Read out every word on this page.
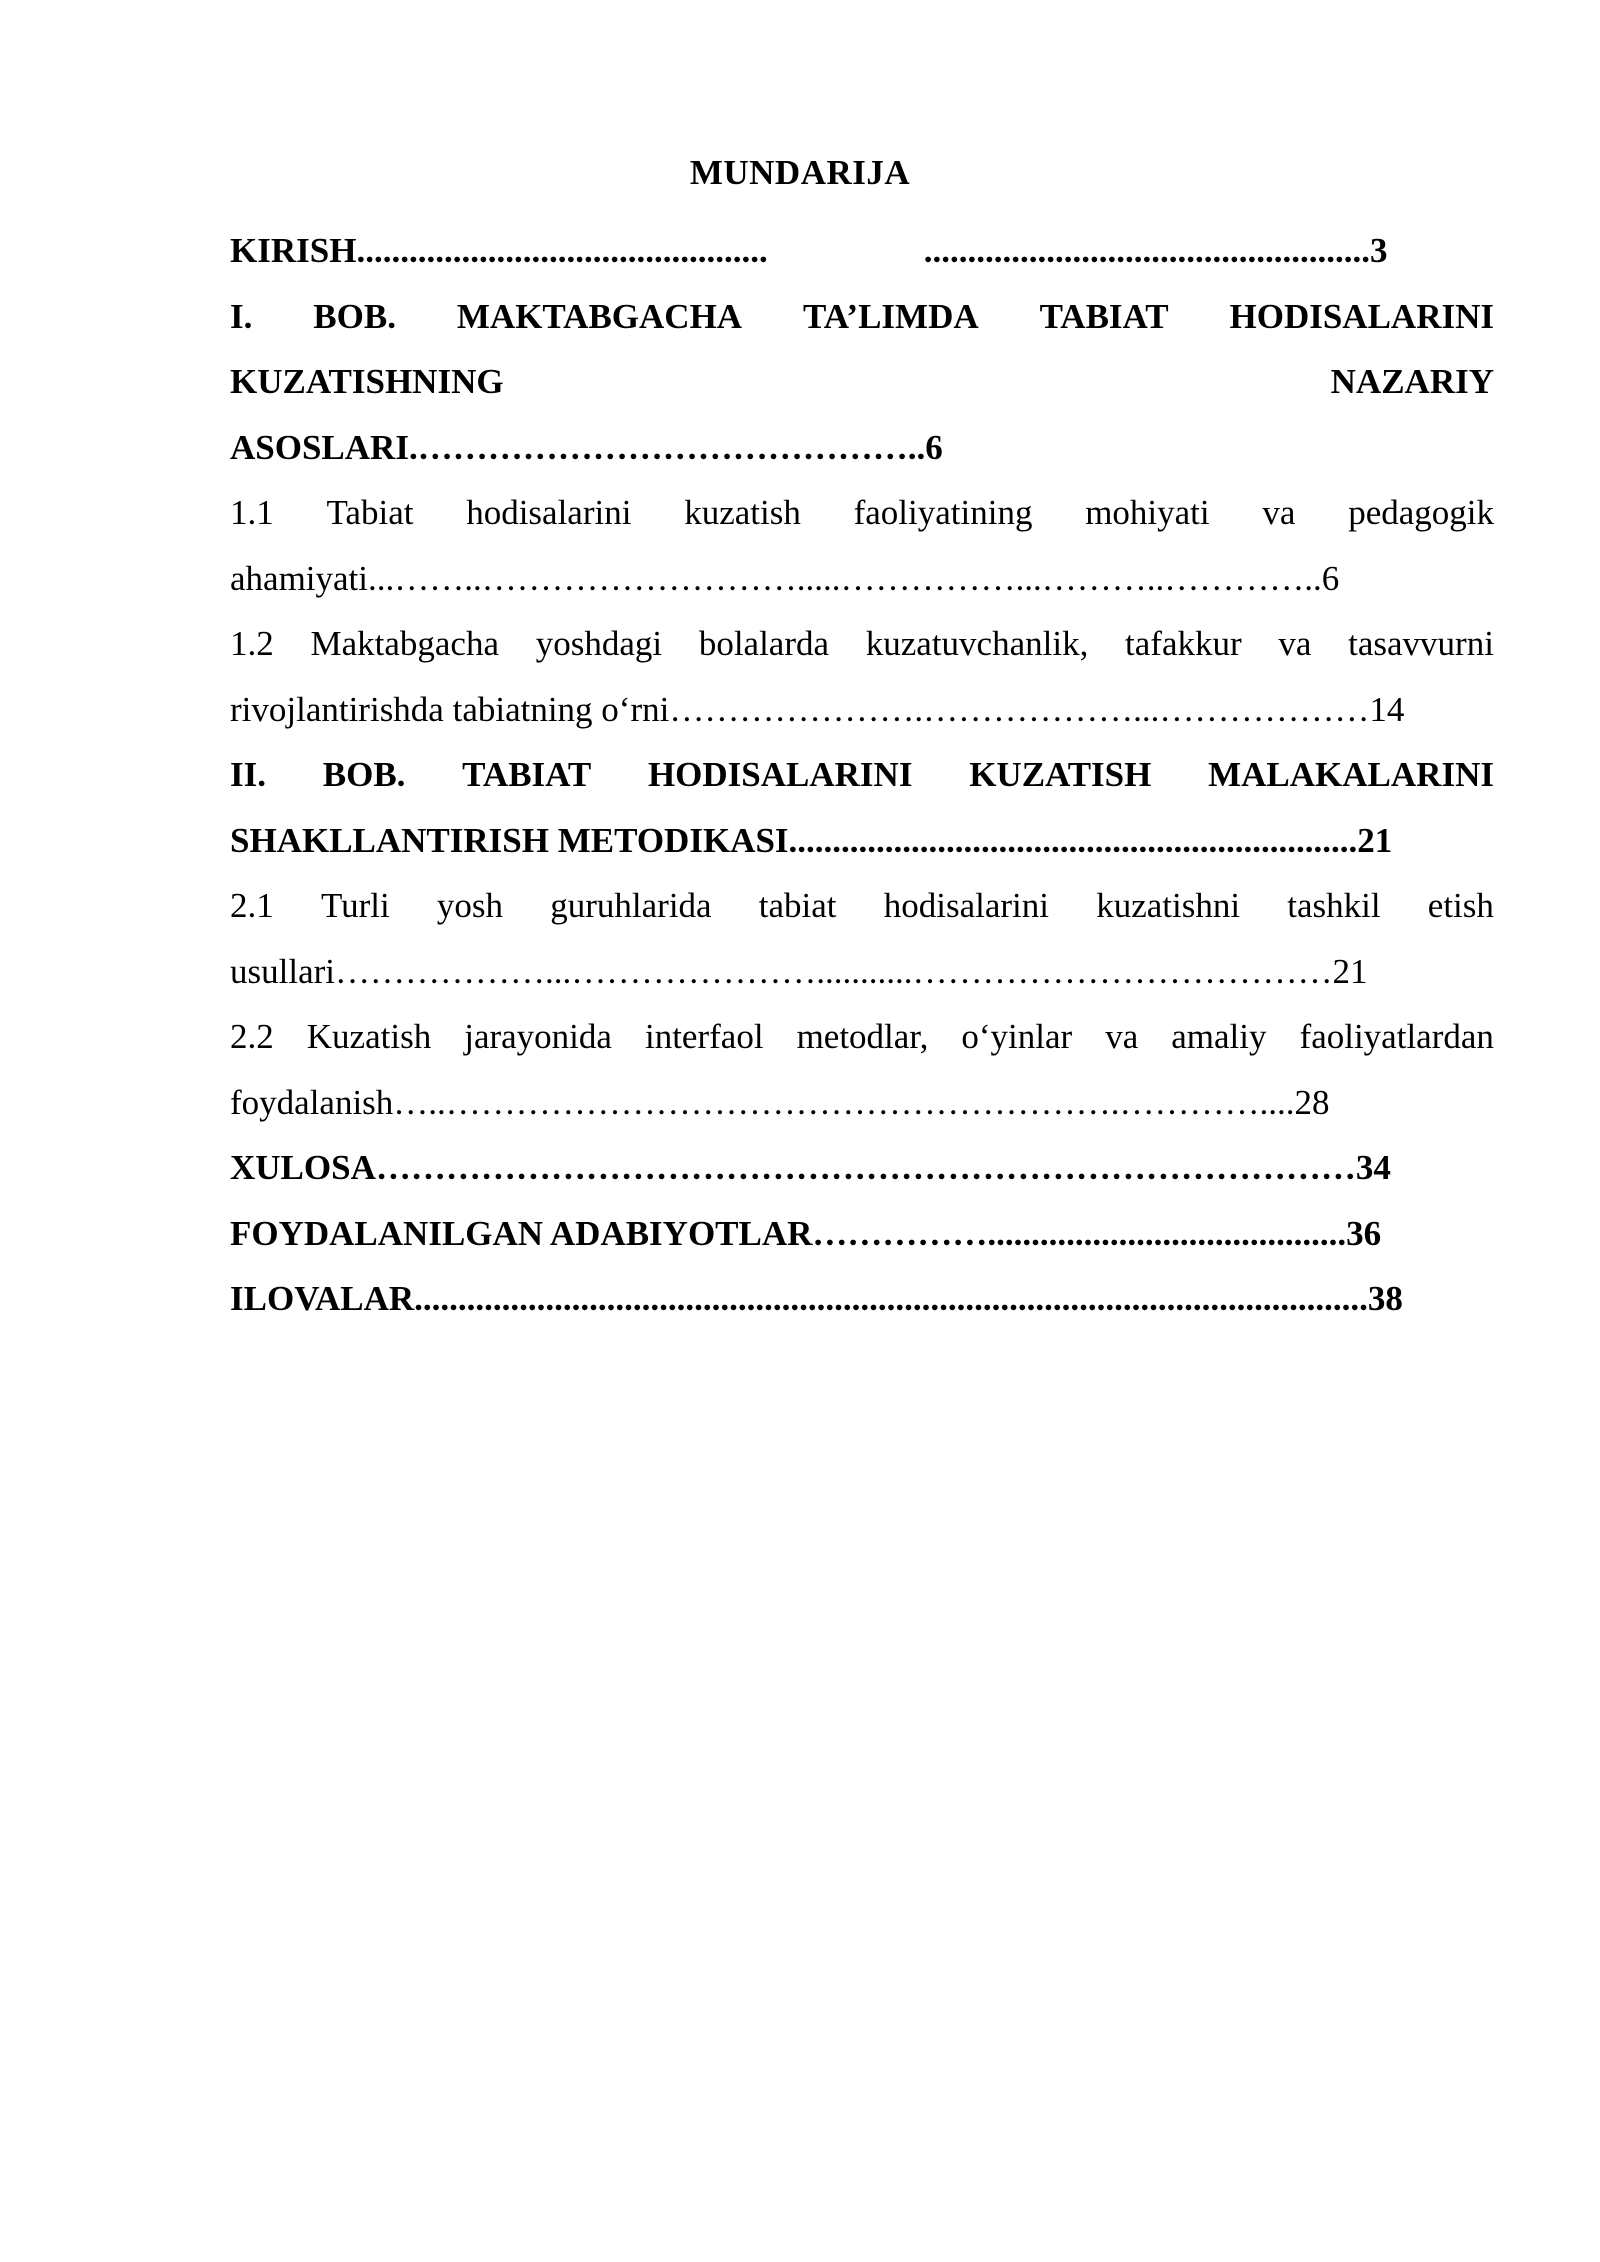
MUNDARIJA
KIRISH ...............................................	................................................... 3
I. BOB. MAKTABGACHA TA’LIMDA TABIAT HODISALARINI
KUZATISHNING	NAZARIY
ASOSLARI.……………………………………..6
1.1 Tabiat hodisalarini kuzatish faoliyatining mohiyati va pedagogik
ahamiyati...……..……………………….....……………...………..…………..6
1.2 Maktabgacha yoshdagi bolalarda kuzatuvchanlik, tafakkur va tasavvurni
rivojlantirishda tabiatning o‘rni………………….………………...………………14
II. BOB. TABIAT HODISALARINI KUZATISH MALAKALARINI
SHAKLLANTIRISH METODIKASI.................................................................21
2.1 Turli yosh guruhlarida tabiat hodisalarini kuzatishni tashkil etish
usullari………………...…………………...........………………………………21
2.2 Kuzatish jarayonida interfaol metodlar, o‘yinlar va amaliy faoliyatlardan
foydalanish…..………………………………………………….…………....28
XULOSA…………………………………………………………………………34
FOYDALANILGAN ADABIYOTLAR…………….........................................36
ILOVALAR.............................................................................................................38
